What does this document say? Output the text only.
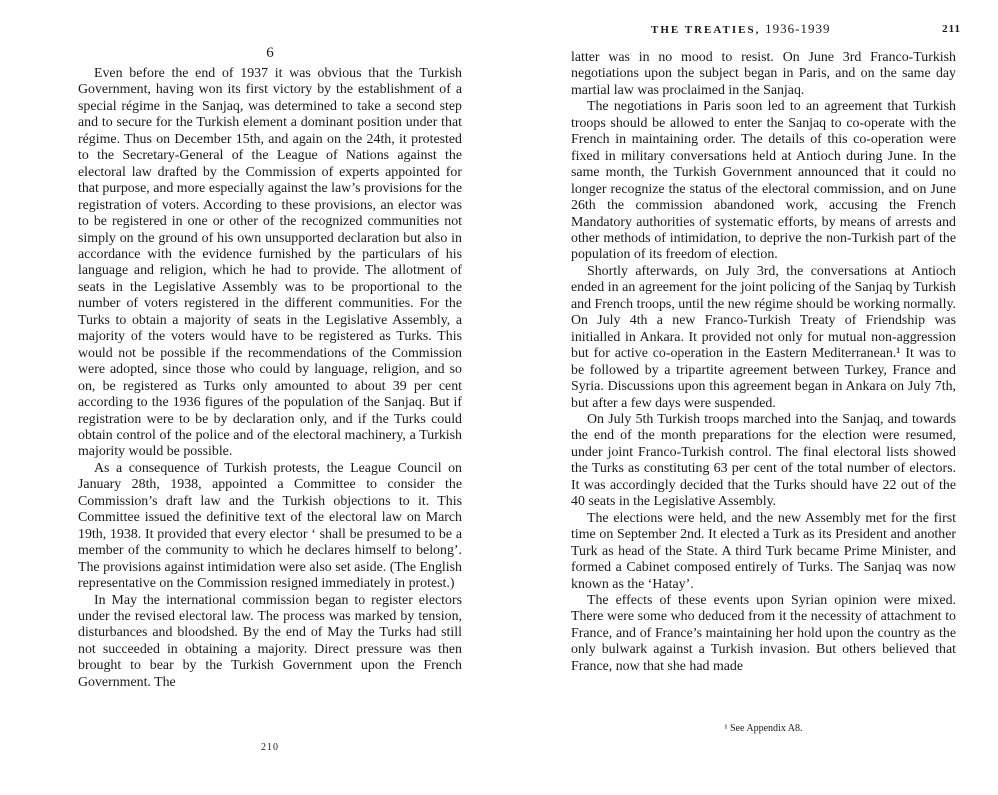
6

Even before the end of 1937 it was obvious that the Turkish Government, having won its first victory by the establishment of a special régime in the Sanjaq, was determined to take a second step and to secure for the Turkish element a dominant position under that régime. Thus on December 15th, and again on the 24th, it protested to the Secretary-General of the League of Nations against the electoral law drafted by the Commission of experts appointed for that purpose, and more especially against the law’s provisions for the registration of voters. According to these provisions, an elector was to be registered in one or other of the recognized communities not simply on the ground of his own unsupported declaration but also in accordance with the evidence furnished by the particulars of his language and religion, which he had to provide. The allotment of seats in the Legislative Assembly was to be proportional to the number of voters registered in the different communities. For the Turks to obtain a majority of seats in the Legislative Assembly, a majority of the voters would have to be registered as Turks. This would not be possible if the recommendations of the Commission were adopted, since those who could by language, religion, and so on, be registered as Turks only amounted to about 39 per cent according to the 1936 figures of the population of the Sanjaq. But if registration were to be by declaration only, and if the Turks could obtain control of the police and of the electoral machinery, a Turkish majority would be possible.

As a consequence of Turkish protests, the League Council on January 28th, 1938, appointed a Committee to consider the Commission’s draft law and the Turkish objections to it. This Committee issued the definitive text of the electoral law on March 19th, 1938. It provided that every elector ‘ shall be presumed to be a member of the community to which he declares himself to belong’. The provisions against intimidation were also set aside. (The English representative on the Commission resigned immediately in protest.)

In May the international commission began to register electors under the revised electoral law. The process was marked by tension, disturbances and bloodshed. By the end of May the Turks had still not succeeded in obtaining a majority. Direct pressure was then brought to bear by the Turkish Government upon the French Government. The

210
THE TREATIES, 1936-1939	211

latter was in no mood to resist. On June 3rd Franco-Turkish negotiations upon the subject began in Paris, and on the same day martial law was proclaimed in the Sanjaq.

The negotiations in Paris soon led to an agreement that Turkish troops should be allowed to enter the Sanjaq to co-operate with the French in maintaining order. The details of this co-operation were fixed in military conversations held at Antioch during June. In the same month, the Turkish Government announced that it could no longer recognize the status of the electoral commission, and on June 26th the commission abandoned work, accusing the French Mandatory authorities of systematic efforts, by means of arrests and other methods of intimidation, to deprive the non-Turkish part of the population of its freedom of election.

Shortly afterwards, on July 3rd, the conversations at Antioch ended in an agreement for the joint policing of the Sanjaq by Turkish and French troops, until the new régime should be working normally. On July 4th a new Franco-Turkish Treaty of Friendship was initialled in Ankara. It provided not only for mutual non-aggression but for active co-operation in the Eastern Mediterranean.¹ It was to be followed by a tripartite agreement between Turkey, France and Syria. Discussions upon this agreement began in Ankara on July 7th, but after a few days were suspended.

On July 5th Turkish troops marched into the Sanjaq, and towards the end of the month preparations for the election were resumed, under joint Franco-Turkish control. The final electoral lists showed the Turks as constituting 63 per cent of the total number of electors. It was accordingly decided that the Turks should have 22 out of the 40 seats in the Legislative Assembly.

The elections were held, and the new Assembly met for the first time on September 2nd. It elected a Turk as its President and another Turk as head of the State. A third Turk became Prime Minister, and formed a Cabinet composed entirely of Turks. The Sanjaq was now known as the ‘Hatay’.

The effects of these events upon Syrian opinion were mixed. There were some who deduced from it the necessity of attachment to France, and of France’s maintaining her hold upon the country as the only bulwark against a Turkish invasion. But others believed that France, now that she had made

¹ See Appendix A8.
